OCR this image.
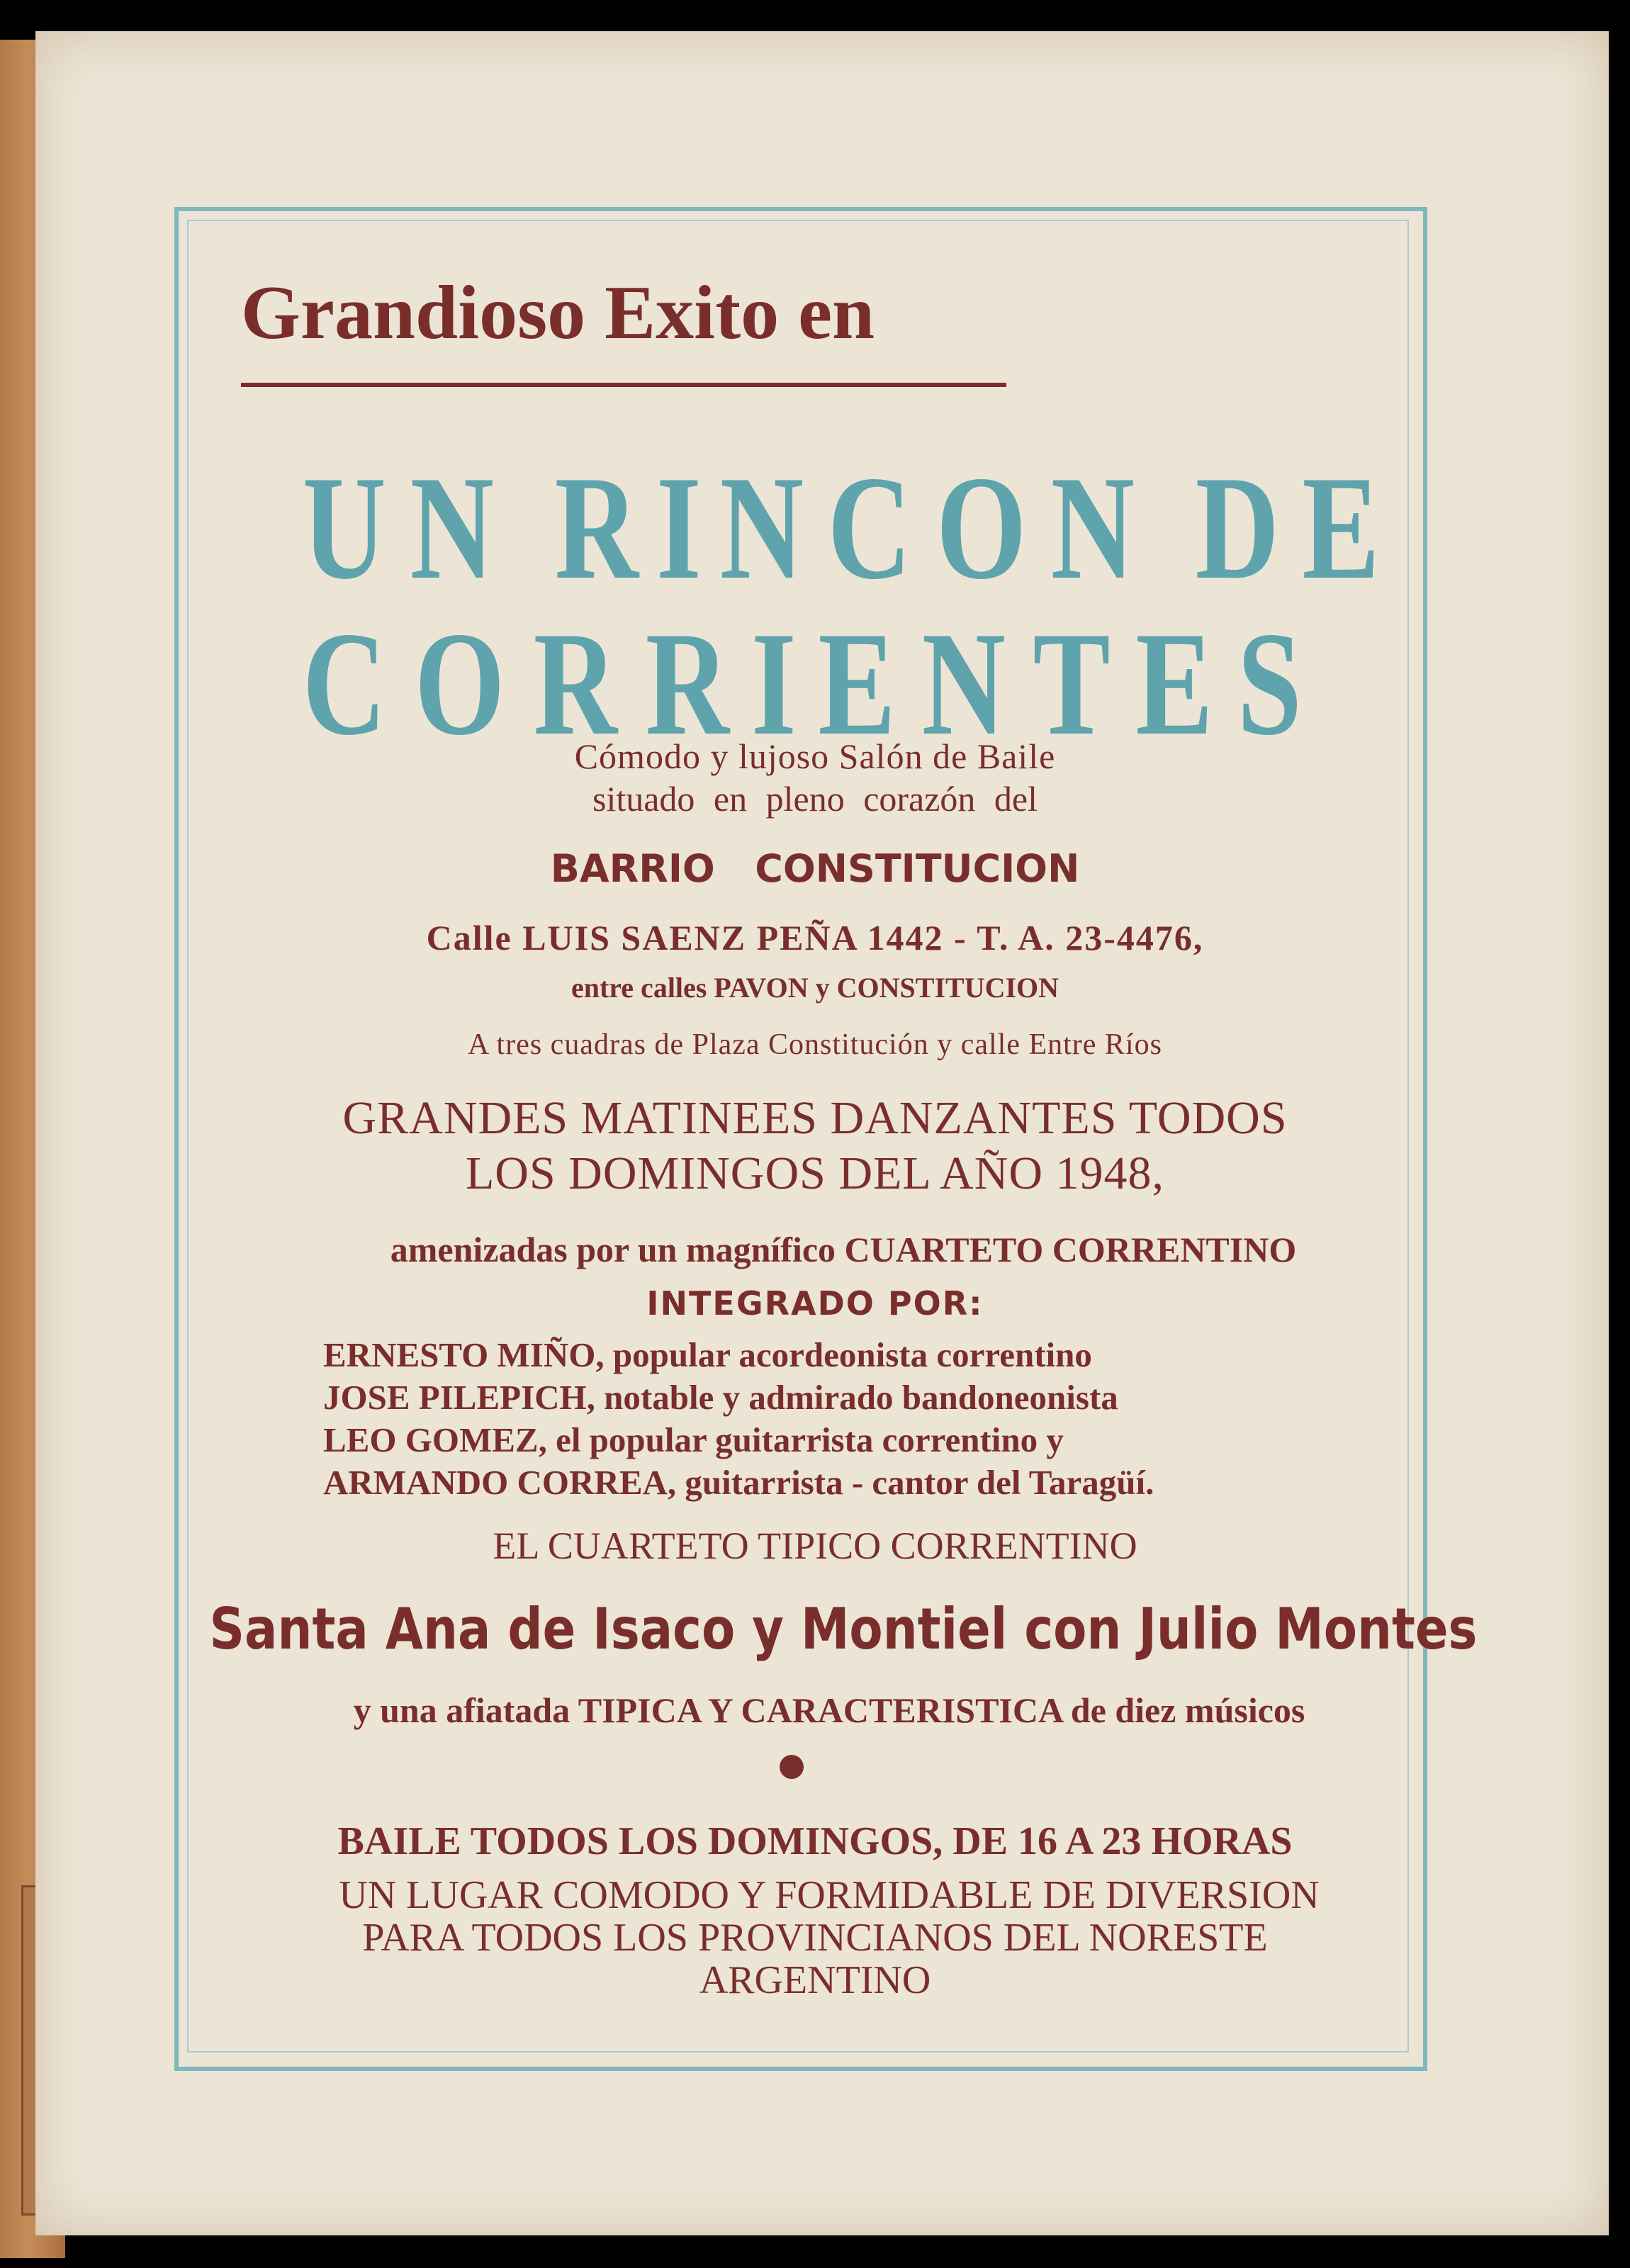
Grandioso Exito en
U N
R I N C O N
D E
C O R R I E N T E S
Cómodo y lujoso Salón de Baile
situado en pleno corazón del
BARRIO   CONSTITUCION
Calle LUIS SAENZ PEÑA 1442 - T. A. 23-4476,
entre calles PAVON y CONSTITUCION
A tres cuadras de Plaza Constitución y calle Entre Ríos
GRANDES MATINEES DANZANTES TODOS
LOS DOMINGOS DEL AÑO 1948,
amenizadas por un magnífico CUARTETO CORRENTINO
INTEGRADO POR:
ERNESTO MIÑO, popular acordeonista correntino
JOSE PILEPICH, notable y admirado bandoneonista
LEO GOMEZ, el popular guitarrista correntino y
ARMANDO CORREA, guitarrista - cantor del Taragüí.
EL CUARTETO TIPICO CORRENTINO
Santa Ana de Isaco y Montiel con Julio Montes
y una afiatada TIPICA Y CARACTERISTICA de diez músicos
BAILE TODOS LOS DOMINGOS, DE 16 A 23 HORAS
UN LUGAR COMODO Y FORMIDABLE DE DIVERSION
PARA TODOS LOS PROVINCIANOS DEL NORESTE
ARGENTINO
